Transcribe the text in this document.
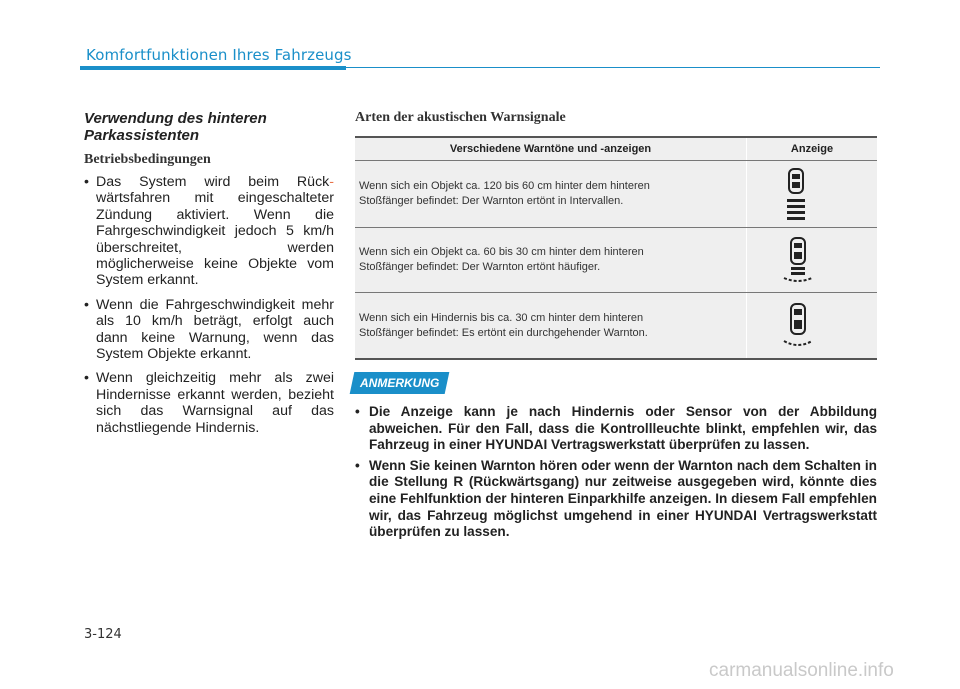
Komfortfunktionen Ihres Fahrzeugs
Verwendung des hinteren Parkassistenten
Betriebsbedingungen
• Das System wird beim Rück- wärtsfahren mit eingeschalteter Zündung aktiviert. Wenn die Fahrgeschwindigkeit jedoch 5 km/h überschreitet, werden möglicherweise keine Objekte vom System erkannt.
• Wenn die Fahrgeschwindigkeit mehr als 10 km/h beträgt, erfolgt auch dann keine Warnung, wenn das System Objekte erkannt.
• Wenn gleichzeitig mehr als zwei Hindernisse erkannt werden, bezieht sich das Warnsignal auf das nächstliegende Hindernis.
Arten der akustischen Warnsignale
Verschiedene Warntöne und -anzeigen	Anzeige

Wenn sich ein Objekt ca. 120 bis 60 cm hinter dem hinteren
Stoßfänger befindet: Der Warnton ertönt in Intervallen.

Wenn sich ein Objekt ca. 60 bis 30 cm hinter dem hinteren
Stoßfänger befindet: Der Warnton ertönt häufiger.

Wenn sich ein Hindernis bis ca. 30 cm hinter dem hinteren
Stoßfänger befindet: Es ertönt ein durchgehender Warnton.

ANMERKUNG
• Die Anzeige kann je nach Hindernis oder Sensor von der Abbildung abweichen. Für den Fall, dass die Kontrollleuchte blinkt, empfehlen wir, das Fahrzeug in einer HYUNDAI Vertragswerkstatt überprüfen zu lassen.
• Wenn Sie keinen Warnton hören oder wenn der Warnton nach dem Schalten in die Stellung R (Rückwärtsgang) nur zeitweise ausgegeben wird, könnte dies eine Fehlfunktion der hinteren Einparkhilfe anzeigen. In diesem Fall empfehlen wir, das Fahrzeug möglichst umgehend in einer HYUNDAI Vertragswerkstatt überprüfen zu lassen.
3-124
carmanualsonline.info
